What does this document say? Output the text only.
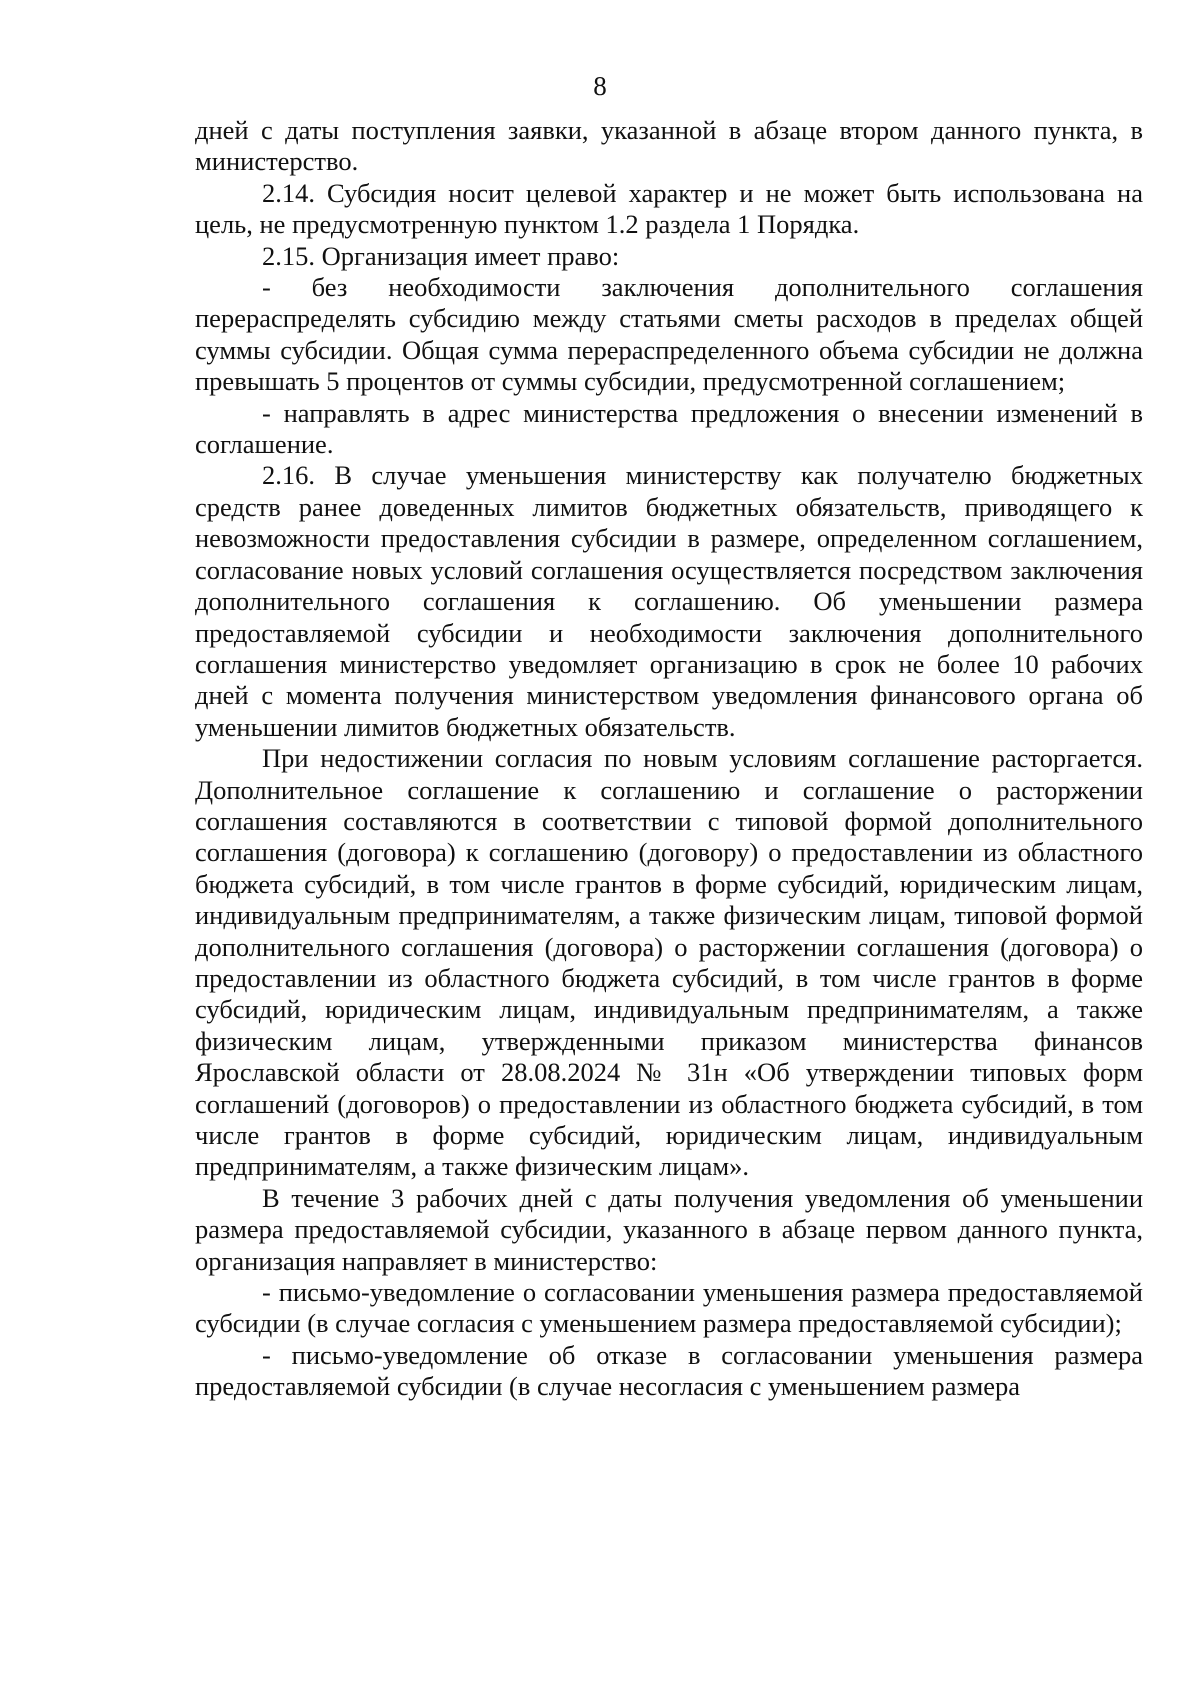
8

дней с даты поступления заявки, указанной в абзаце втором данного пункта, в министерство.

2.14. Субсидия носит целевой характер и не может быть использована на цель, не предусмотренную пунктом 1.2 раздела 1 Порядка.

2.15. Организация имеет право:

- без необходимости заключения дополнительного соглашения перераспределять субсидию между статьями сметы расходов в пределах общей суммы субсидии. Общая сумма перераспределенного объема субсидии не должна превышать 5 процентов от суммы субсидии, предусмотренной соглашением;

- направлять в адрес министерства предложения о внесении изменений в соглашение.

2.16. В случае уменьшения министерству как получателю бюджетных средств ранее доведенных лимитов бюджетных обязательств, приводящего к невозможности предоставления субсидии в размере, определенном соглашением, согласование новых условий соглашения осуществляется посредством заключения дополнительного соглашения к соглашению. Об уменьшении размера предоставляемой субсидии и необходимости заключения дополнительного соглашения министерство уведомляет организацию в срок не более 10 рабочих дней с момента получения министерством уведомления финансового органа об уменьшении лимитов бюджетных обязательств.

При недостижении согласия по новым условиям соглашение расторгается. Дополнительное соглашение к соглашению и соглашение о расторжении соглашения составляются в соответствии с типовой формой дополнительного соглашения (договора) к соглашению (договору) о предоставлении из областного бюджета субсидий, в том числе грантов в форме субсидий, юридическим лицам, индивидуальным предпринимателям, а также физическим лицам, типовой формой дополнительного соглашения (договора) о расторжении соглашения (договора) о предоставлении из областного бюджета субсидий, в том числе грантов в форме субсидий, юридическим лицам, индивидуальным предпринимателям, а также физическим лицам, утвержденными приказом министерства финансов Ярославской области от 28.08.2024 № 31н «Об утверждении типовых форм соглашений (договоров) о предоставлении из областного бюджета субсидий, в том числе грантов в форме субсидий, юридическим лицам, индивидуальным предпринимателям, а также физическим лицам».

В течение 3 рабочих дней с даты получения уведомления об уменьшении размера предоставляемой субсидии, указанного в абзаце первом данного пункта, организация направляет в министерство:

- письмо-уведомление о согласовании уменьшения размера предоставляемой субсидии (в случае согласия с уменьшением размера предоставляемой субсидии);

- письмо-уведомление об отказе в согласовании уменьшения размера предоставляемой субсидии (в случае несогласия с уменьшением размера
